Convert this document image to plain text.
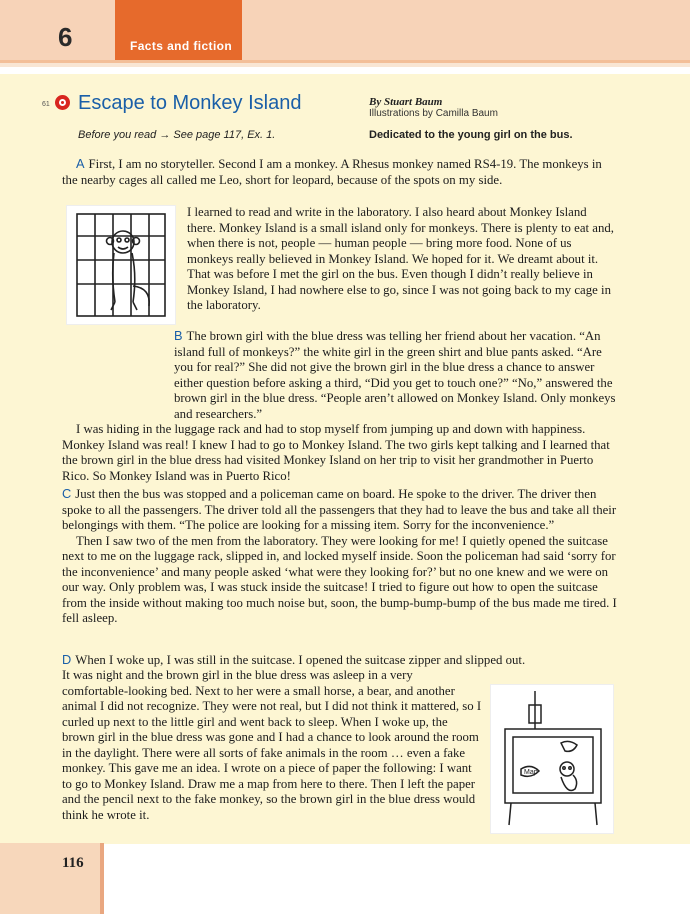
6	Facts and fiction
61 Escape to Monkey Island	By Stuart Baum
Illustrations by Camilla Baum
Before you read → See page 117, Ex. 1.	Dedicated to the young girl on the bus.

A First, I am no storyteller. Second I am a monkey. A Rhesus monkey named RS4-19. The monkeys in the nearby cages all called me Leo, short for leopard, because of the spots on my side.

I learned to read and write in the laboratory. I also heard about Monkey Island there. Monkey Island is a small island only for monkeys. There is plenty to eat and, when there is not, people — human people — bring more food. None of us monkeys really believed in Monkey Island. We hoped for it. We dreamt about it. That was before I met the girl on the bus. Even though I didn’t really believe in Monkey Island, I had nowhere else to go, since I was not going back to my cage in the laboratory.

B The brown girl with the blue dress was telling her friend about her vacation. “An island full of monkeys?” the white girl in the green shirt and blue pants asked. “Are you for real?” She did not give the brown girl in the blue dress a chance to answer either question before asking a third, “Did you get to touch one?” “No,” answered the brown girl in the blue dress. “People aren’t allowed on Monkey Island. Only monkeys and researchers.”

I was hiding in the luggage rack and had to stop myself from jumping up and down with happiness. Monkey Island was real! I knew I had to go to Monkey Island. The two girls kept talking and I learned that the brown girl in the blue dress had visited Monkey Island on her trip to visit her grandmother in Puerto Rico. So Monkey Island was in Puerto Rico!

C Just then the bus was stopped and a policeman came on board. He spoke to the driver. The driver then spoke to all the passengers. The driver told all the passengers that they had to leave the bus and take all their belongings with them. “The police are looking for a missing item. Sorry for the inconvenience.”

Then I saw two of the men from the laboratory. They were looking for me! I quietly opened the suitcase next to me on the luggage rack, slipped in, and locked myself inside. Soon the policeman had said ‘sorry for the inconvenience’ and many people asked ‘what were they looking for?’ but no one knew and we were on our way. Only problem was, I was stuck inside the suitcase! I tried to figure out how to open the suitcase from the inside without making too much noise but, soon, the bump-bump-bump of the bus made me tired. I fell asleep.

D When I woke up, I was still in the suitcase. I opened the suitcase zipper and slipped out.

It was night and the brown girl in the blue dress was asleep in a very comfortable-looking bed. Next to her were a small horse, a bear, and another animal I did not recognize. They were not real, but I did not think it mattered, so I curled up next to the little girl and went back to sleep. When I woke up, the brown girl in the blue dress was gone and I had a chance to look around the room in the daylight. There were all sorts of fake animals in the room … even a fake monkey. This gave me an idea. I wrote on a piece of paper the following: I want to go to Monkey Island. Draw me a map from here to there. Then I left the paper and the pencil next to the fake monkey, so the brown girl in the blue dress would think he wrote it.
Map
116
